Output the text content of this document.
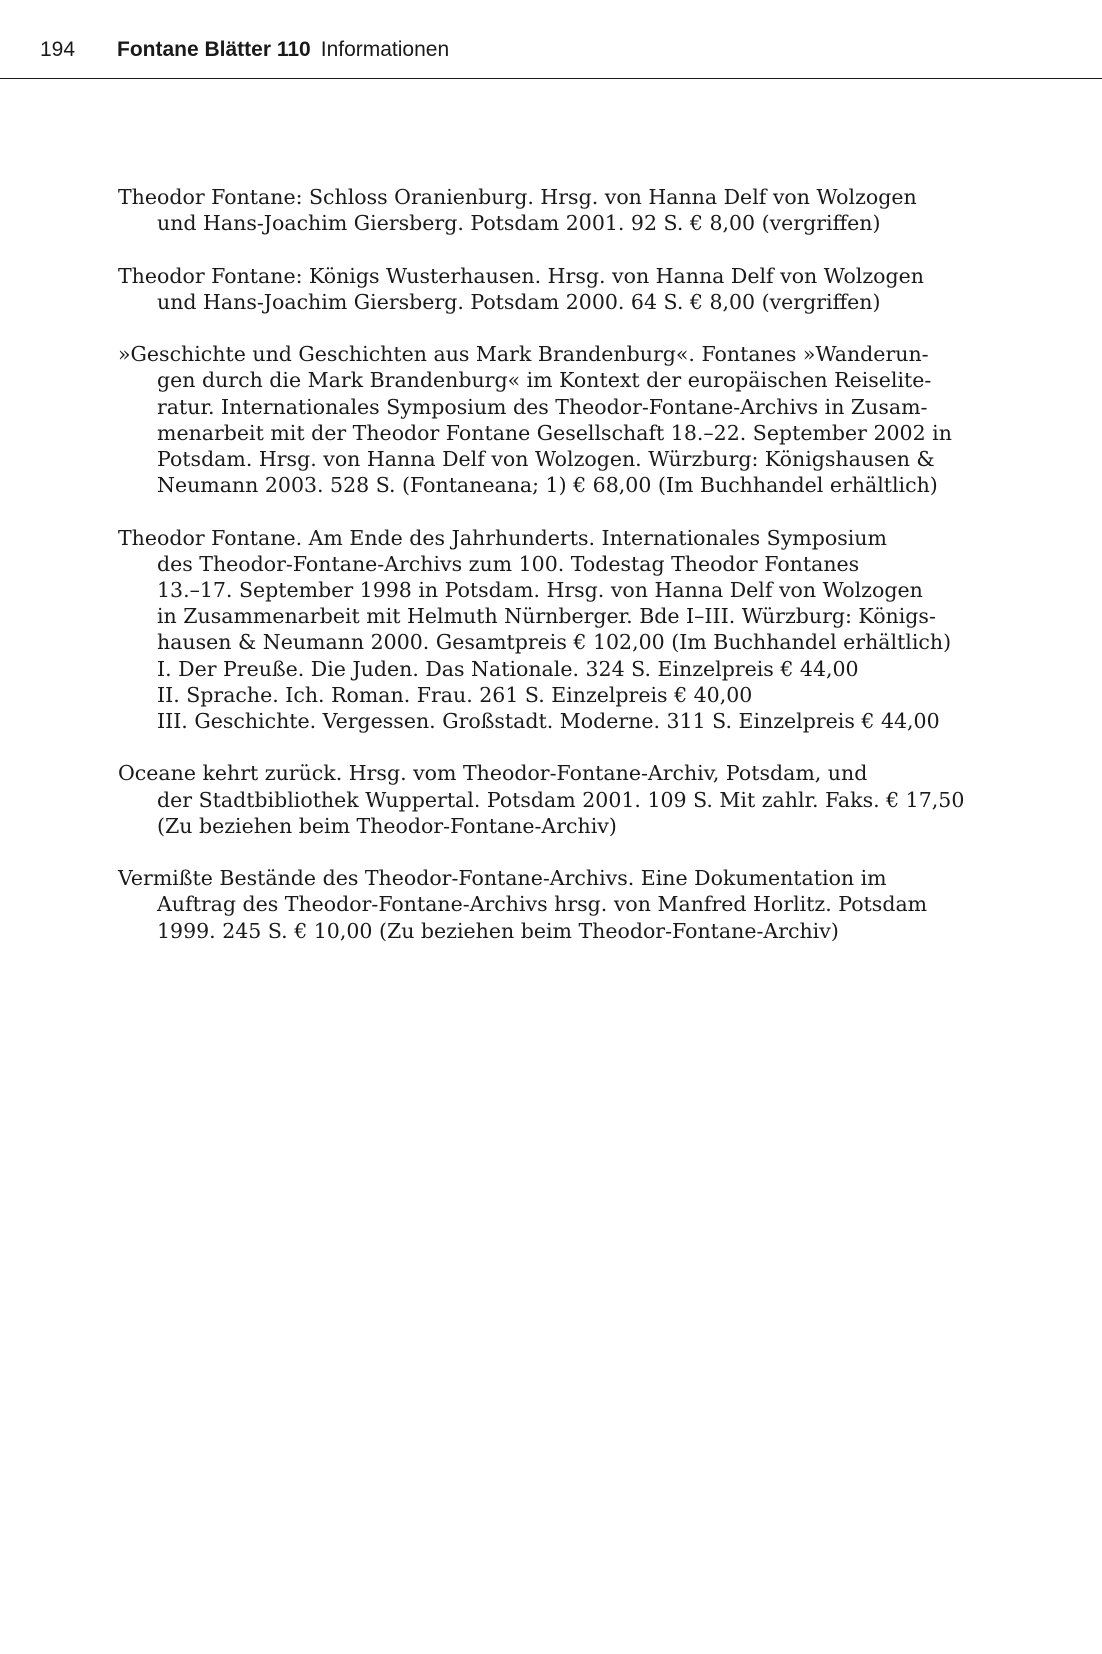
194 Fontane Blätter 110 Informationen
Theodor Fontane: Schloss Oranienburg. Hrsg. von Hanna Delf von Wolzogen
und Hans-Joachim Giersberg. Potsdam 2001. 92 S. € 8,00 (vergriffen)
Theodor Fontane: Königs Wusterhausen. Hrsg. von Hanna Delf von Wolzogen
und Hans-Joachim Giersberg. Potsdam 2000. 64 S. € 8,00 (vergriffen)
»Geschichte und Geschichten aus Mark Brandenburg«. Fontanes »Wanderun-
gen durch die Mark Brandenburg« im Kontext der europäischen Reiselite-
ratur. Internationales Symposium des Theodor-Fontane-Archivs in Zusam-
menarbeit mit der Theodor Fontane Gesellschaft 18.–22. September 2002 in
Potsdam. Hrsg. von Hanna Delf von Wolzogen. Würzburg: Königshausen &
Neumann 2003. 528 S. (Fontaneana; 1) € 68,00 (Im Buchhandel erhältlich)
Theodor Fontane. Am Ende des Jahrhunderts. Internationales Symposium
des Theodor-Fontane-Archivs zum 100. Todestag Theodor Fontanes
13.–17. September 1998 in Potsdam. Hrsg. von Hanna Delf von Wolzogen
in Zusammenarbeit mit Helmuth Nürnberger. Bde I–III. Würzburg: Königs-
hausen & Neumann 2000. Gesamtpreis € 102,00 (Im Buchhandel erhältlich)
I. Der Preuße. Die Juden. Das Nationale. 324 S. Einzelpreis € 44,00
II. Sprache. Ich. Roman. Frau. 261 S. Einzelpreis € 40,00
III. Geschichte. Vergessen. Großstadt. Moderne. 311 S. Einzelpreis € 44,00
Oceane kehrt zurück. Hrsg. vom Theodor-Fontane-Archiv, Potsdam, und
der Stadtbibliothek Wuppertal. Potsdam 2001. 109 S. Mit zahlr. Faks. € 17,50
(Zu beziehen beim Theodor-Fontane-Archiv)
Vermißte Bestände des Theodor-Fontane-Archivs. Eine Dokumentation im
Auftrag des Theodor-Fontane-Archivs hrsg. von Manfred Horlitz. Potsdam
1999. 245 S. € 10,00 (Zu beziehen beim Theodor-Fontane-Archiv)
